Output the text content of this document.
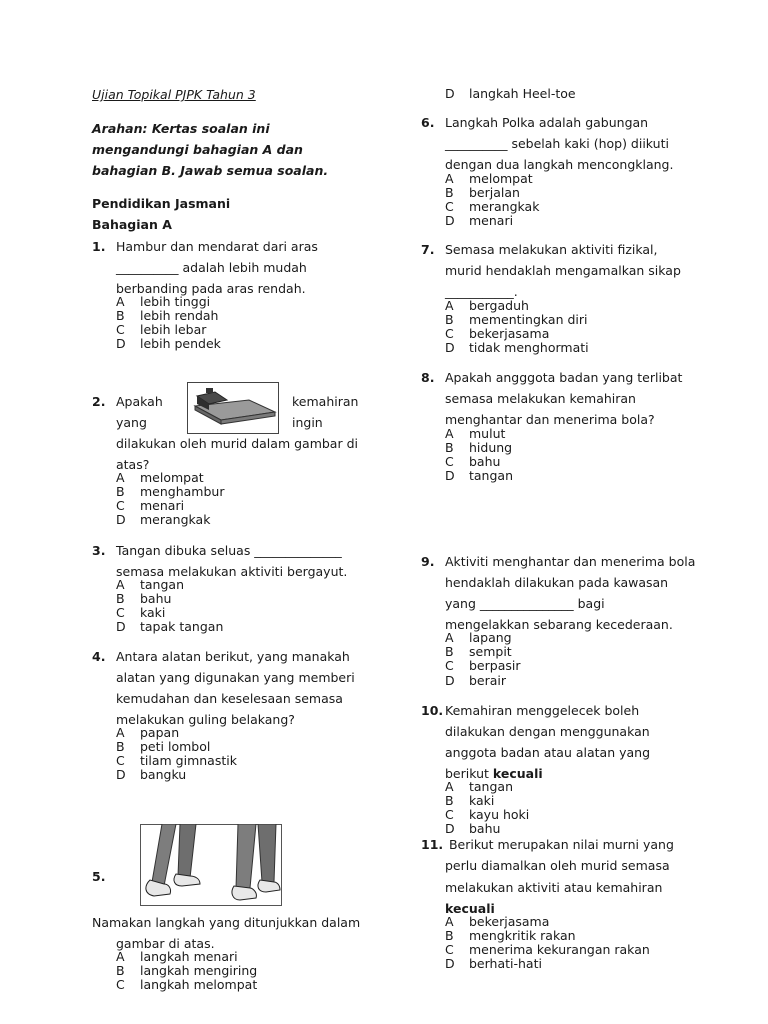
Ujian Topikal PJPK Tahun 3
Arahan: Kertas soalan ini
mengandungi bahagian A dan
bahagian B. Jawab semua soalan.
Pendidikan Jasmani
Bahagian A
1. Hambur dan mendarat dari aras
__________ adalah lebih mudah
berbanding pada aras rendah.
A lebih tinggi
B lebih rendah
C lebih lebar
D lebih pendek
2. Apakah	kemahiran
yang	ingin
dilakukan oleh murid dalam gambar di
atas?
A melompat
B menghambur
C menari
D merangkak
3. Tangan dibuka seluas ______________
semasa melakukan aktiviti bergayut.
A tangan
B bahu
C kaki
D tapak tangan
4. Antara alatan berikut, yang manakah
alatan yang digunakan yang memberi
kemudahan dan keselesaan semasa
melakukan guling belakang?
A papan
B peti lombol
C tilam gimnastik
D bangku
5.
Namakan langkah yang ditunjukkan dalam
gambar di atas.
A langkah menari
B langkah mengiring
C langkah melompat
D langkah Heel-toe
6. Langkah Polka adalah gabungan
__________ sebelah kaki (hop) diikuti
dengan dua langkah mencongklang.
A melompat
B berjalan
C merangkak
D menari
7. Semasa melakukan aktiviti fizikal,
murid hendaklah mengamalkan sikap
___________.
A bergaduh
B mementingkan diri
C bekerjasama
D tidak menghormati
8. Apakah angggota badan yang terlibat
semasa melakukan kemahiran
menghantar dan menerima bola?
A mulut
B hidung
C bahu
D tangan
9. Aktiviti menghantar dan menerima bola
hendaklah dilakukan pada kawasan
yang _______________ bagi
mengelakkan sebarang kecederaan.
A lapang
B sempit
C berpasir
D berair
10. Kemahiran menggelecek boleh
dilakukan dengan menggunakan
anggota badan atau alatan yang
berikut kecuali
A tangan
B kaki
C kayu hoki
D bahu
11. Berikut merupakan nilai murni yang
perlu diamalkan oleh murid semasa
melakukan aktiviti atau kemahiran
kecuali
A bekerjasama
B mengkritik rakan
C menerima kekurangan rakan
D berhati-hati
